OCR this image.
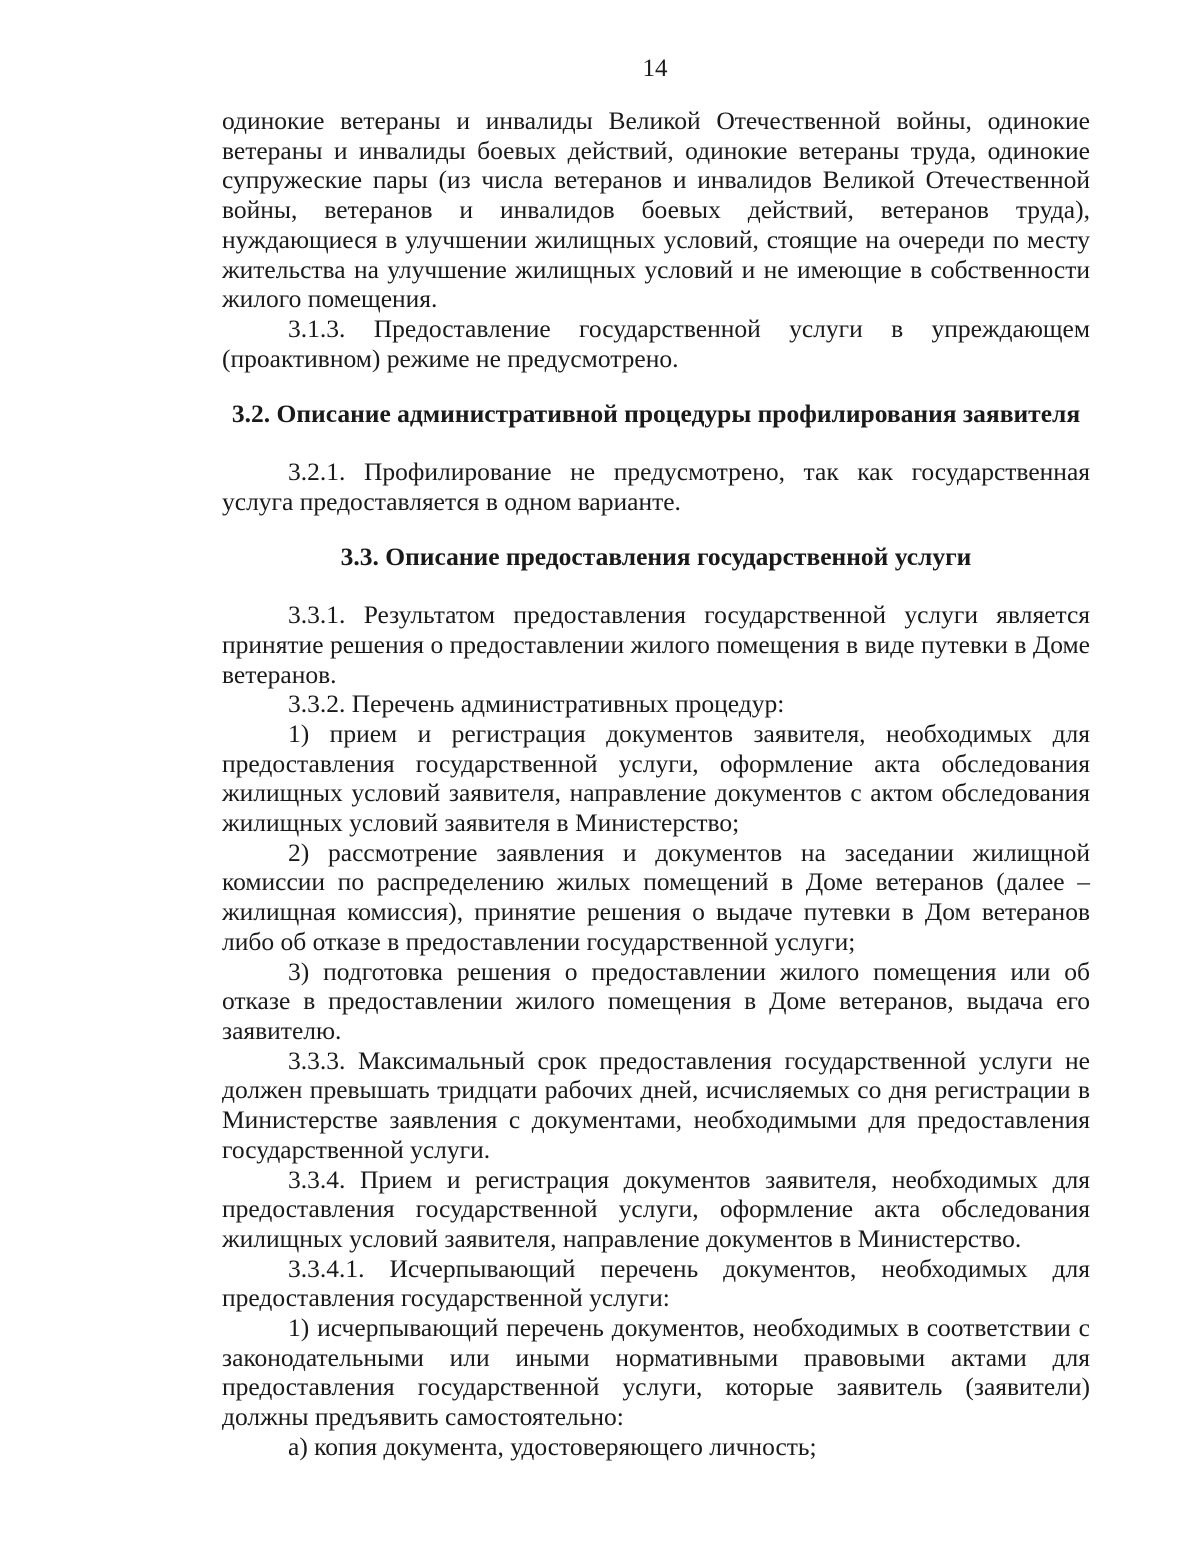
14

одинокие ветераны и инвалиды Великой Отечественной войны, одинокие ветераны и инвалиды боевых действий, одинокие ветераны труда, одинокие супружеские пары (из числа ветеранов и инвалидов Великой Отечественной войны, ветеранов и инвалидов боевых действий, ветеранов труда), нуждающиеся в улучшении жилищных условий, стоящие на очереди по месту жительства на улучшение жилищных условий и не имеющие в собственности жилого помещения.

3.1.3. Предоставление государственной услуги в упреждающем (проактивном) режиме не предусмотрено.

3.2. Описание административной процедуры профилирования заявителя

3.2.1. Профилирование не предусмотрено, так как государственная услуга предоставляется в одном варианте.

3.3. Описание предоставления государственной услуги

3.3.1. Результатом предоставления государственной услуги является принятие решения о предоставлении жилого помещения в виде путевки в Доме ветеранов.

3.3.2. Перечень административных процедур:

1) прием и регистрация документов заявителя, необходимых для предоставления государственной услуги, оформление акта обследования жилищных условий заявителя, направление документов с актом обследования жилищных условий заявителя в Министерство;

2) рассмотрение заявления и документов на заседании жилищной комиссии по распределению жилых помещений в Доме ветеранов (далее – жилищная комиссия), принятие решения о выдаче путевки в Дом ветеранов либо об отказе в предоставлении государственной услуги;

3) подготовка решения о предоставлении жилого помещения или об отказе в предоставлении жилого помещения в Доме ветеранов, выдача его заявителю.

3.3.3. Максимальный срок предоставления государственной услуги не должен превышать тридцати рабочих дней, исчисляемых со дня регистрации в Министерстве заявления с документами, необходимыми для предоставления государственной услуги.

3.3.4. Прием и регистрация документов заявителя, необходимых для предоставления государственной услуги, оформление акта обследования жилищных условий заявителя, направление документов в Министерство.

3.3.4.1. Исчерпывающий перечень документов, необходимых для предоставления государственной услуги:

1) исчерпывающий перечень документов, необходимых в соответствии с законодательными или иными нормативными правовыми актами для предоставления государственной услуги, которые заявитель (заявители) должны предъявить самостоятельно:

а) копия документа, удостоверяющего личность;
